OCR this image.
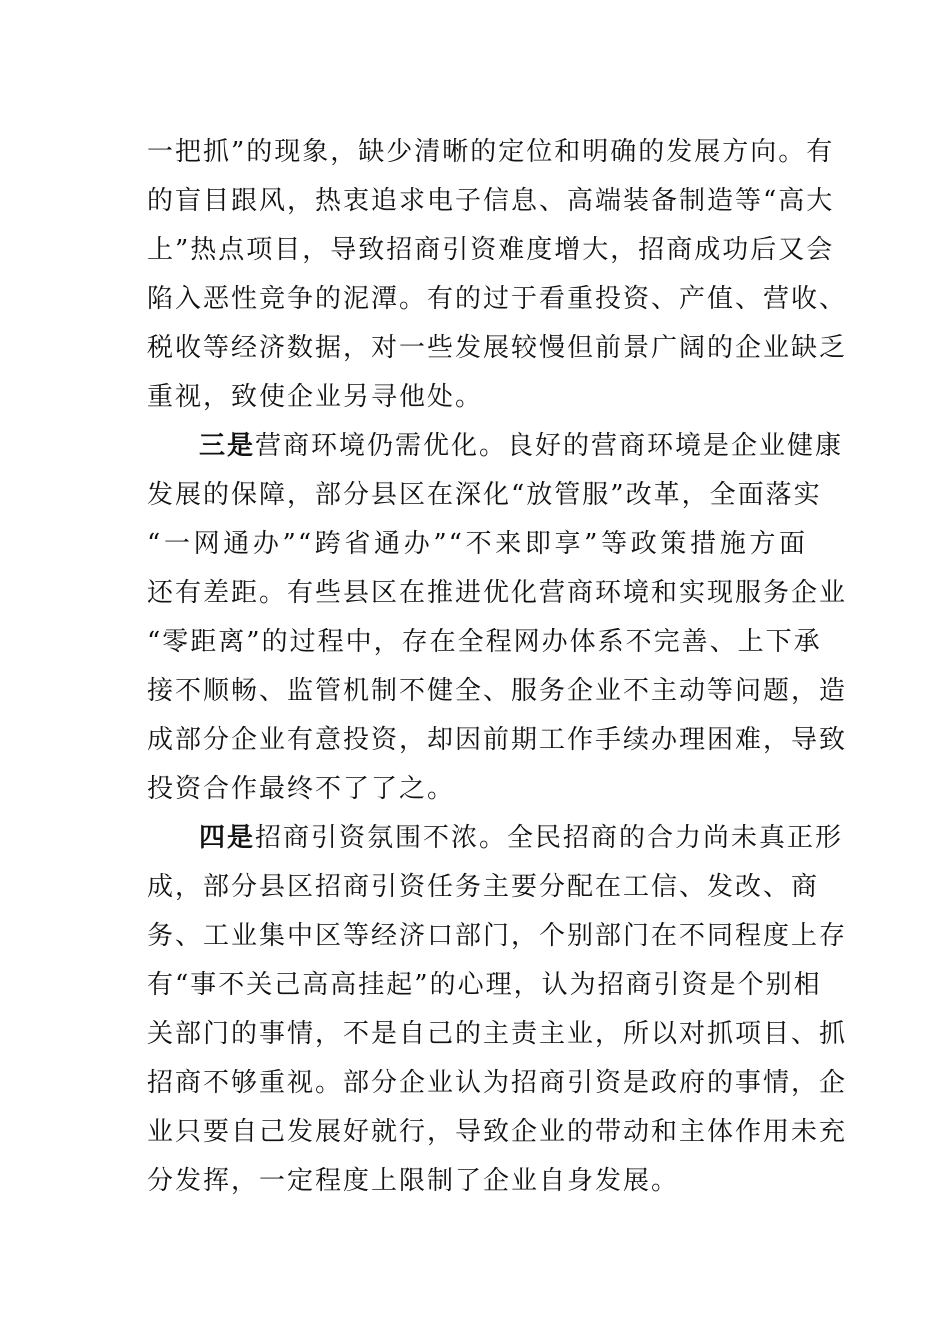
一把抓”的现象，缺少清晰的定位和明确的发展方向。有
的盲目跟风，热衷追求电子信息、高端装备制造等“高大
上”热点项目，导致招商引资难度增大，招商成功后又会
陷入恶性竞争的泥潭。有的过于看重投资、产值、营收、
税收等经济数据，对一些发展较慢但前景广阔的企业缺乏
重视，致使企业另寻他处。
三是营商环境仍需优化。良好的营商环境是企业健康
发展的保障，部分县区在深化“放管服”改革，全面落实
“一网通办”“跨省通办”“不来即享”等政策措施方面
还有差距。有些县区在推进优化营商环境和实现服务企业
“零距离”的过程中，存在全程网办体系不完善、上下承
接不顺畅、监管机制不健全、服务企业不主动等问题，造
成部分企业有意投资，却因前期工作手续办理困难，导致
投资合作最终不了了之。
四是招商引资氛围不浓。全民招商的合力尚未真正形
成，部分县区招商引资任务主要分配在工信、发改、商
务、工业集中区等经济口部门，个别部门在不同程度上存
有“事不关己高高挂起”的心理，认为招商引资是个别相
关部门的事情，不是自己的主责主业，所以对抓项目、抓
招商不够重视。部分企业认为招商引资是政府的事情，企
业只要自己发展好就行，导致企业的带动和主体作用未充
分发挥，一定程度上限制了企业自身发展。
